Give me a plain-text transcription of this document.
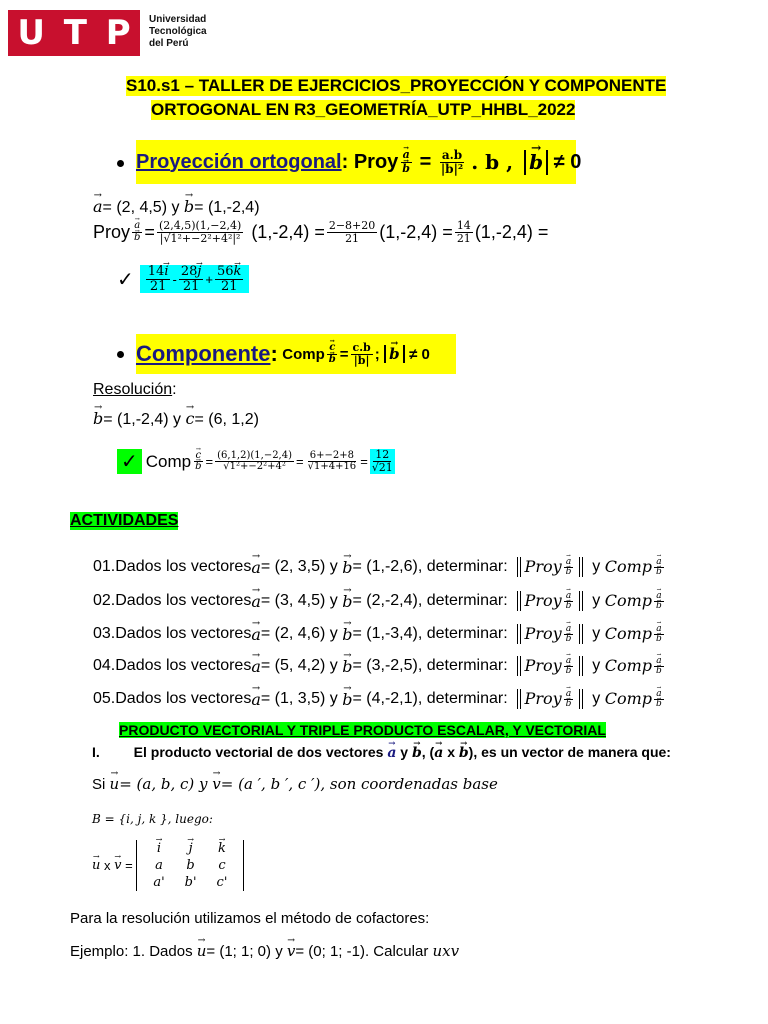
U T P Universidad
Tecnológica
del Perú
S10.s1 – TALLER DE EJERCICIOS_PROYECCIÓN Y COMPONENTE
ORTOGONAL EN R3_GEOMETRÍA_UTP_HHBL_2022
Proyección ortogonal :
Proy → a
→ b
=
$\frac{a.b}{\text{|b|²}}$ . b ,
→ b
≠ 0
→ a= (2, 4,5) y → b= (1,-2,4)
Proy → a
→ $b = \frac{(2,4,5)(1,-2,4)}{\text{|√1²+−2²+4²|²}} (1,-2,4) = \frac{2-8+20}{21} (1,-2,4) = \frac{14}{21} (1,-2,4)$ =
✓ $\frac{14\to i}{21} - \frac{28\to j}{21} + \frac{56\to k}{21}$
Componente :
Comp → c
→ $b = \frac{c.b}{|b|}$ ;
→ b
≠ 0
Resolución:
→ b= (1,-2,4) y → c= (6, 1,2)
✓ Comp → c
→ $b = \frac{(6,1,2)(1,-2,4)}{\text{√1²+−2²+4²}} = \frac{6+-2+8}{√1+4+16} = \frac{12}{√21}$
ACTIVIDADES
01. Dados los vectores → a = (2, 3,5) y
→ b = (1,-2,6), determinar:
	Proy → a
→ b
y
Comp → a
→ b
02. Dados los vectores → a = (3, 4,5) y
→ b = (2,-2,4), determinar:
	Proy → a
→ b
y
Comp → a
→ b
03. Dados los vectores → a = (2, 4,6) y
→ b = (1,-3,4), determinar:
	Proy → a
→ b
y
Comp → a
→ b
04. Dados los vectores → a = (5, 4,2) y
→ b = (3,-2,5), determinar:
	Proy → a
→ b
y
Comp → a
→ b
05. Dados los vectores → a = (1, 3,5) y
→ b = (4,-2,1), determinar:
	Proy → a
→ b
y
Comp → a
→ b
PRODUCTO VECTORIAL Y TRIPLE PRODUCTO ESCALAR, Y VECTORIAL
I. El producto vectorial de dos vectores → a y → b, (→ a x → b), es un vector de manera que:
Si → u= (a, b, c) y → v= (a ′, b ′, c ′), son coordenadas base
B = {i, j, k }, luego:
→ u
x
→ v =
→ i	→ j	→ k
a	b	c
a'	b'	c'
Para la resolución utilizamos el método de cofactores:
Ejemplo: 1. Dados → u= (1; 1; 0) y → v= (0; 1; -1). Calcular uxv
